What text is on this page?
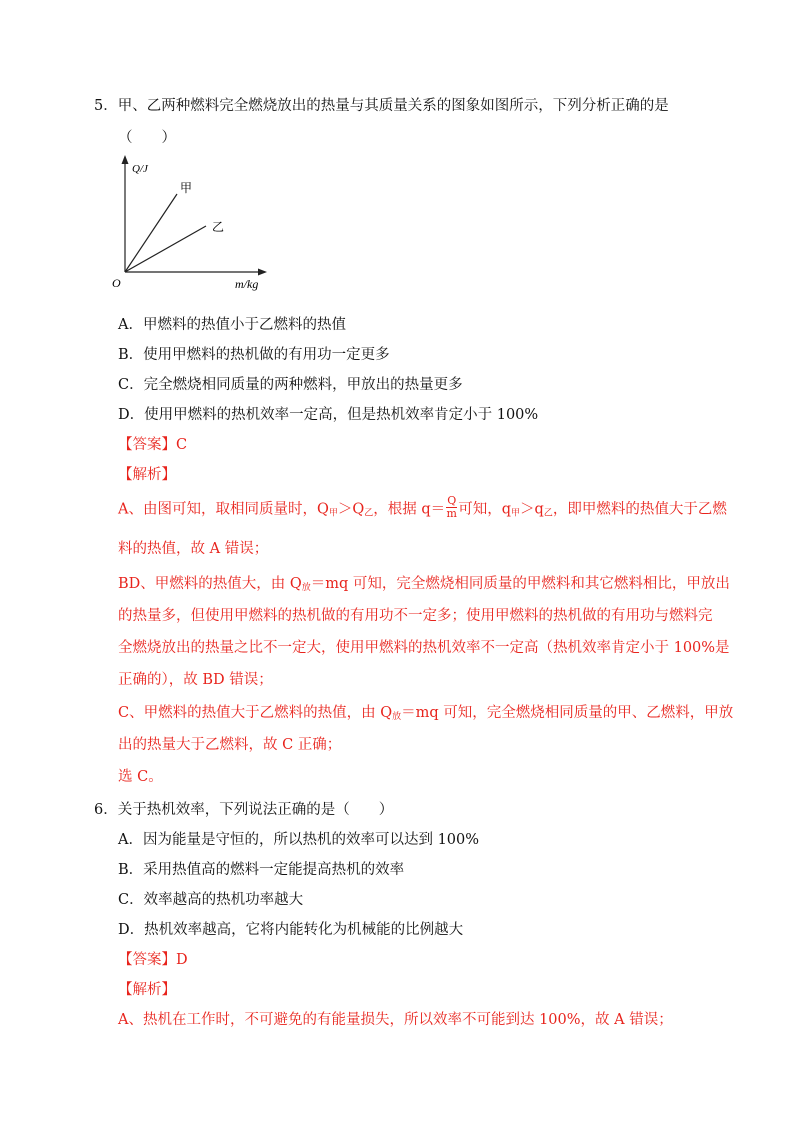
5．甲、乙两种燃料完全燃烧放出的热量与其质量关系的图象如图所示，下列分析正确的是
（　　）
Q/J
m/kg
O
甲
乙
A．甲燃料的热值小于乙燃料的热值
B．使用甲燃料的热机做的有用功一定更多
C．完全燃烧相同质量的两种燃料，甲放出的热量更多
D．使用甲燃料的热机效率一定高，但是热机效率肯定小于 100%
【答案】C
【解析】
A、由图可知，取相同质量时，$Q_甲>Q_乙$，根据 $q= \frac{Q}{m}$ 可知，$q_甲>q_乙$，即甲燃料的热值大于乙燃
料的热值，故 A 错误；
BD、甲燃料的热值大，由 $Q_放=mq$ 可知，完全燃烧相同质量的甲燃料和其它燃料相比，甲放出
的热量多，但使用甲燃料的热机做的有用功不一定多；使用甲燃料的热机做的有用功与燃料完
全燃烧放出的热量之比不一定大，使用甲燃料的热机效率不一定高（热机效率肯定小于 100%是
正确的），故 BD 错误；
C、甲燃料的热值大于乙燃料的热值，由 $Q_放=mq$ 可知，完全燃烧相同质量的甲、乙燃料，甲放
出的热量大于乙燃料，故 C 正确；
选 C。
6．关于热机效率，下列说法正确的是（　　）
A．因为能量是守恒的，所以热机的效率可以达到 100%
B．采用热值高的燃料一定能提高热机的效率
C．效率越高的热机功率越大
D．热机效率越高，它将内能转化为机械能的比例越大
【答案】D
【解析】
A、热机在工作时，不可避免的有能量损失，所以效率不可能到达 100%，故 A 错误；
